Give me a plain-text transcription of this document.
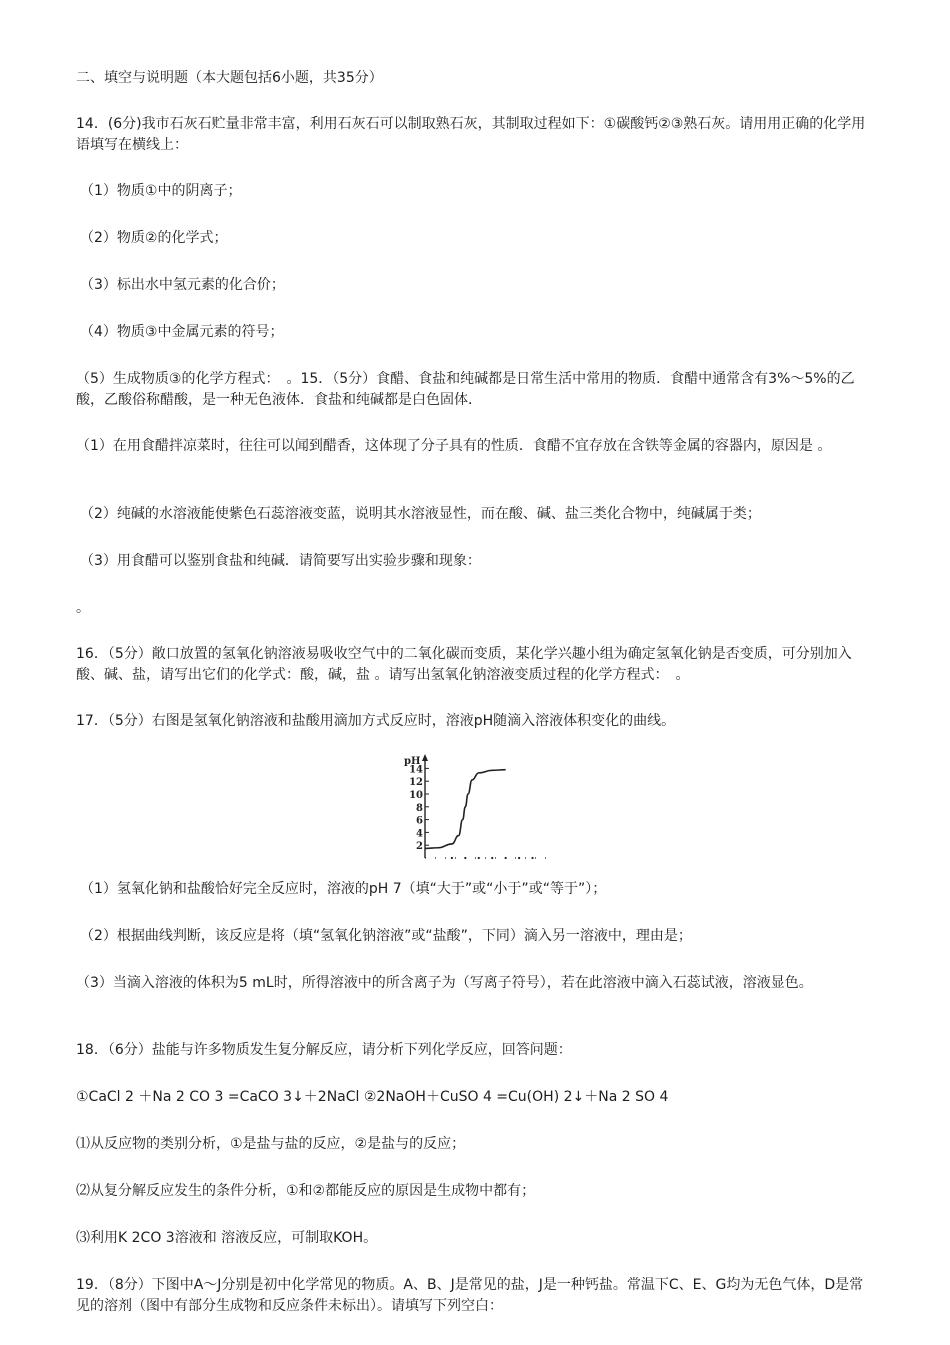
二、填空与说明题（本大题包括6小题，共35分）
14．(6分)我市石灰石贮量非常丰富，利用石灰石可以制取熟石灰，其制取过程如下：①碳酸钙②③熟石灰。请用用正确的化学用语填写在横线上：
（1）物质①中的阴离子；
（2）物质②的化学式；
（3）标出水中氢元素的化合价；
（4）物质③中金属元素的符号；
（5）生成物质③的化学方程式：　。15．（5分）食醋、食盐和纯碱都是日常生活中常用的物质．食醋中通常含有3%～5%的乙酸，乙酸俗称醋酸，是一种无色液体．食盐和纯碱都是白色固体．
（1）在用食醋拌凉菜时，往往可以闻到醋香，这体现了分子具有的性质．食醋不宜存放在含铁等金属的容器内，原因是 。
（2）纯碱的水溶液能使紫色石蕊溶液变蓝，说明其水溶液显性，而在酸、碱、盐三类化合物中，纯碱属于类；
（3）用食醋可以鉴别食盐和纯碱．请简要写出实验步骤和现象：
。
16．（5分）敞口放置的氢氧化钠溶液易吸收空气中的二氧化碳而变质，某化学兴趣小组为确定氢氧化钠是否变质，可分别加入酸、碱、盐，请写出它们的化学式：酸，碱，盐 。请写出氢氧化钠溶液变质过程的化学方程式：　。
17．（5分）右图是氢氧化钠溶液和盐酸用滴加方式反应时，溶液pH随滴入溶液体积变化的曲线。
pH
14
12
10
8
6
4
2
（1）氢氧化钠和盐酸恰好完全反应时，溶液的pH 7（填“大于”或“小于”或“等于”）；
（2）根据曲线判断，该反应是将（填“氢氧化钠溶液”或“盐酸”，下同）滴入另一溶液中，理由是；
（3）当滴入溶液的体积为5 mL时，所得溶液中的所含离子为（写离子符号），若在此溶液中滴入石蕊试液，溶液显色。
18．（6分）盐能与许多物质发生复分解反应，请分析下列化学反应，回答问题：
①CaCl 2 ＋Na 2 CO 3 =CaCO 3↓＋2NaCl ②2NaOH＋CuSO 4 =Cu(OH) 2↓＋Na 2 SO 4
⑴从反应物的类别分析，①是盐与盐的反应，②是盐与的反应；
⑵从复分解反应发生的条件分析，①和②都能反应的原因是生成物中都有；
⑶利用K 2CO 3溶液和 溶液反应，可制取KOH。
19．（8分）下图中A～J分别是初中化学常见的物质。A、B、J是常见的盐，J是一种钙盐。常温下C、E、G均为无色气体，D是常见的溶剂（图中有部分生成物和反应条件未标出）。请填写下列空白：
